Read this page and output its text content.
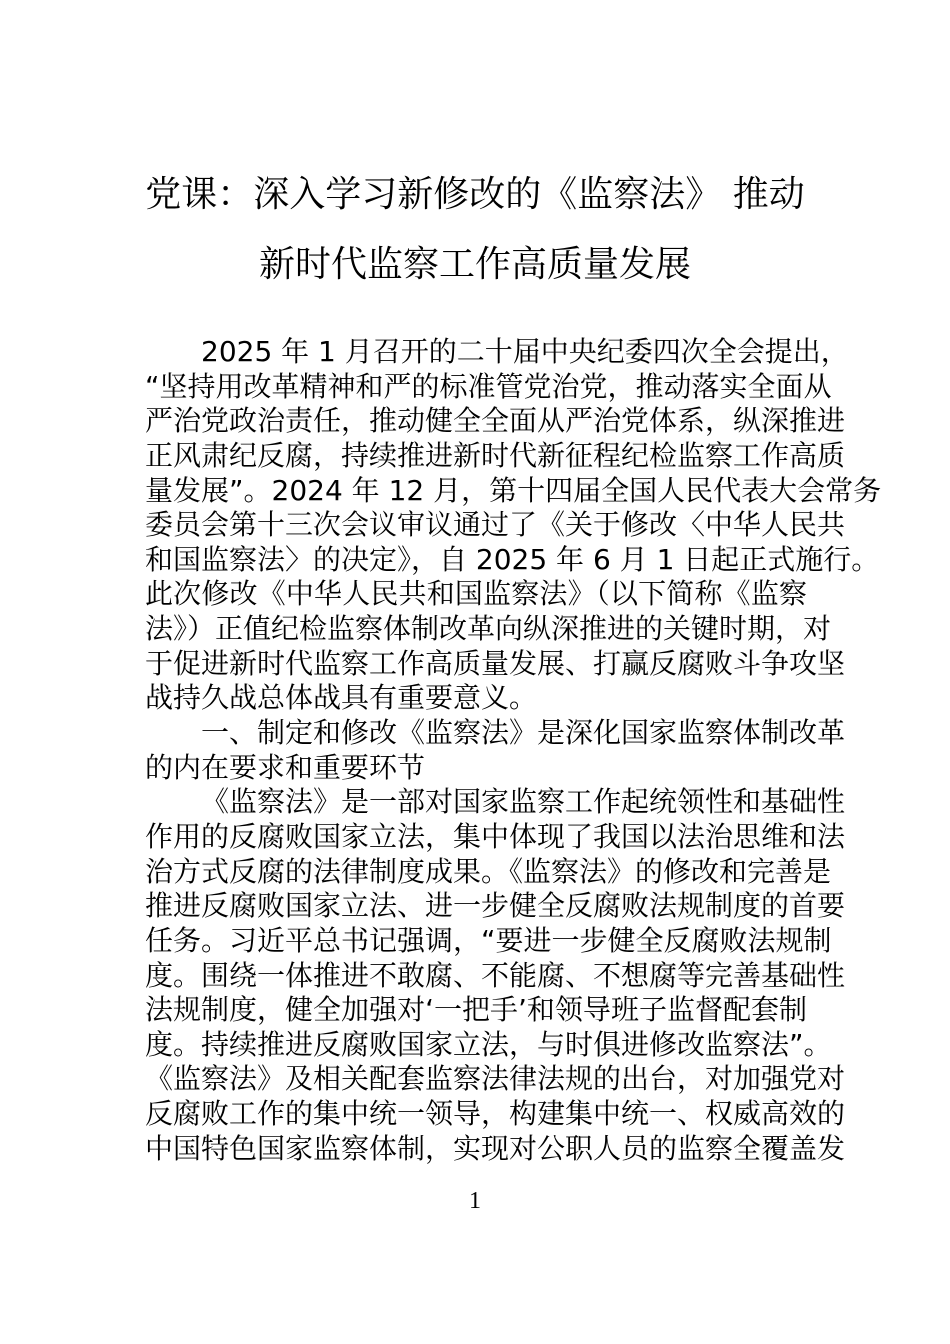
党课：深入学习新修改的《监察法》 推动
新时代监察工作高质量发展
2025 年 1 月召开的二十届中央纪委四次全会提出，
“坚持用改革精神和严的标准管党治党，推动落实全面从
严治党政治责任，推动健全全面从严治党体系，纵深推进
正风肃纪反腐，持续推进新时代新征程纪检监察工作高质
量发展”。2024 年 12 月，第十四届全国人民代表大会常务
委员会第十三次会议审议通过了《关于修改〈中华人民共
和国监察法〉的决定》，自 2025 年 6 月 1 日起正式施行。
此次修改《中华人民共和国监察法》（以下简称《监察
法》）正值纪检监察体制改革向纵深推进的关键时期，对
于促进新时代监察工作高质量发展、打赢反腐败斗争攻坚
战持久战总体战具有重要意义。
一、制定和修改《监察法》是深化国家监察体制改革
的内在要求和重要环节
《监察法》是一部对国家监察工作起统领性和基础性
作用的反腐败国家立法，集中体现了我国以法治思维和法
治方式反腐的法律制度成果。《监察法》的修改和完善是
推进反腐败国家立法、进一步健全反腐败法规制度的首要
任务。习近平总书记强调，“要进一步健全反腐败法规制
度。围绕一体推进不敢腐、不能腐、不想腐等完善基础性
法规制度，健全加强对‘一把手’和领导班子监督配套制
度。持续推进反腐败国家立法，与时俱进修改监察法”。
《监察法》及相关配套监察法律法规的出台，对加强党对
反腐败工作的集中统一领导，构建集中统一、权威高效的
中国特色国家监察体制，实现对公职人员的监察全覆盖发
1
